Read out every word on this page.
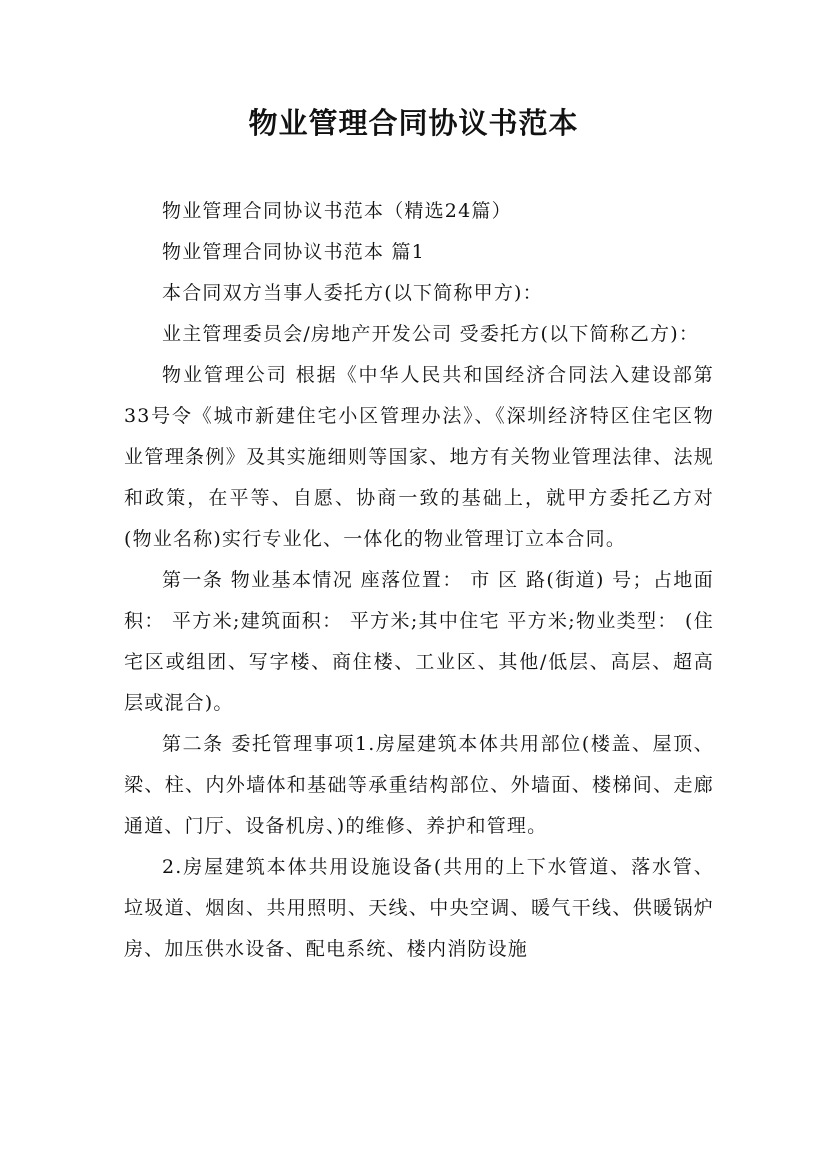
物业管理合同协议书范本

物业管理合同协议书范本（精选24篇）

物业管理合同协议书范本 篇1

本合同双方当事人委托方(以下简称甲方)：

业主管理委员会/房地产开发公司 受委托方(以下简称乙方)：

物业管理公司 根据《中华人民共和国经济合同法入建设部第33号令《城市新建住宅小区管理办法》、《深圳经济特区住宅区物业管理条例》及其实施细则等国家、地方有关物业管理法律、法规和政策，在平等、自愿、协商一致的基础上，就甲方委托乙方对(物业名称)实行专业化、一体化的物业管理订立本合同。

第一条 物业基本情况 座落位置： 市 区 路(街道) 号；占地面积： 平方米;建筑面积： 平方米;其中住宅 平方米;物业类型： (住宅区或组团、写字楼、商住楼、工业区、其他/低层、高层、超高层或混合)。

第二条 委托管理事项1.房屋建筑本体共用部位(楼盖、屋顶、梁、柱、内外墙体和基础等承重结构部位、外墙面、楼梯间、走廊通道、门厅、设备机房、)的维修、养护和管理。

2.房屋建筑本体共用设施设备(共用的上下水管道、落水管、垃圾道、烟囱、共用照明、天线、中央空调、暖气干线、供暖锅炉房、加压供水设备、配电系统、楼内消防设施
